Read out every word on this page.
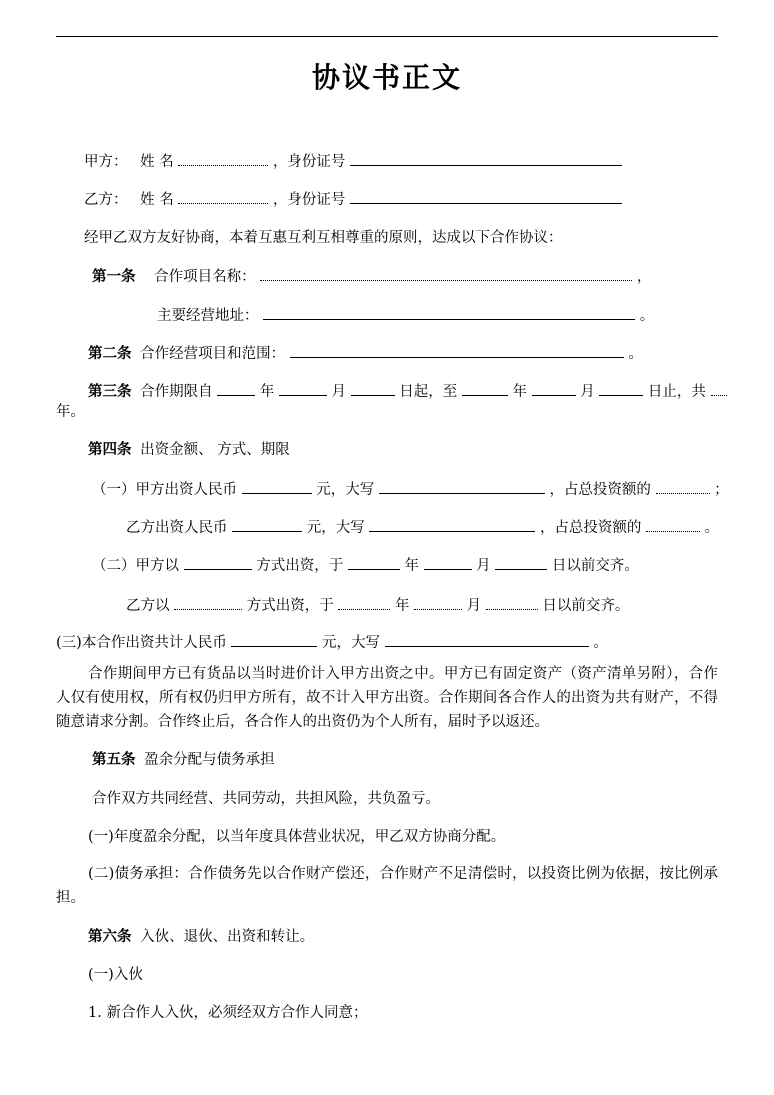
协议书正文
甲方： 姓 名	，身份证号
乙方： 姓 名	，身份证号
经甲乙双方友好协商，本着互惠互利互相尊重的原则，达成以下合作协议：
第一条 合作项目名称：	，
主要经营地址：	。
第二条 合作经营项目和范围：	。
第三条 合作期限自	年	月	日起，至	年	月	日止，共
年。
第四条 出资金额、 方式、期限
（一）甲方出资人民币	元，大写	，占总投资额的	；
乙方出资人民币	元，大写	，占总投资额的	。
（二）甲方以	方式出资，于	年	月	日以前交齐。
乙方以	方式出资，于	年	月	日以前交齐。
(三)本合作出资共计人民币	元，大写	。
合作期间甲方已有货品以当时进价计入甲方出资之中。甲方已有固定资产（资产清单另附），合作人仅有使用权，所有权仍归甲方所有，故不计入甲方出资。合作期间各合作人的出资为共有财产，不得随意请求分割。合作终止后，各合作人的出资仍为个人所有，届时予以返还。
第五条 盈余分配与债务承担
合作双方共同经营、共同劳动，共担风险，共负盈亏。
(一)年度盈余分配，以当年度具体营业状况，甲乙双方协商分配。
(二)债务承担：合作债务先以合作财产偿还，合作财产不足清偿时，以投资比例为依据，按比例承担。
第六条 入伙、退伙、出资和转让。
(一)入伙
1. 新合作人入伙，必须经双方合作人同意；
